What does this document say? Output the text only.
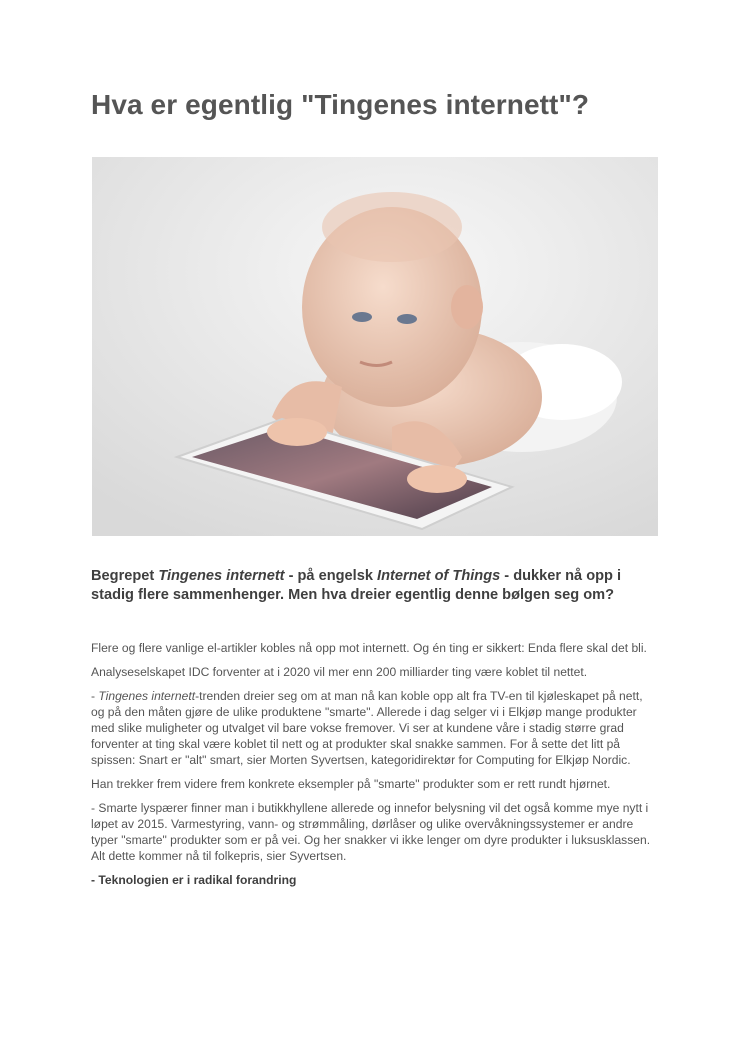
Hva er egentlig "Tingenes internett"?

Begrepet Tingenes internett - på engelsk Internet of Things - dukker nå opp i stadig flere sammenhenger. Men hva dreier egentlig denne bølgen seg om?

Flere og flere vanlige el-artikler kobles nå opp mot internett. Og én ting er sikkert: Enda flere skal det bli.

Analyseselskapet IDC forventer at i 2020 vil mer enn 200 milliarder ting være koblet til nettet.

- Tingenes internett-trenden dreier seg om at man nå kan koble opp alt fra TV-en til kjøleskapet på nett, og på den måten gjøre de ulike produktene "smarte". Allerede i dag selger vi i Elkjøp mange produkter med slike muligheter og utvalget vil bare vokse fremover. Vi ser at kundene våre i stadig større grad forventer at ting skal være koblet til nett og at produkter skal snakke sammen. For å sette det litt på spissen: Snart er "alt" smart, sier Morten Syvertsen, kategoridirektør for Computing for Elkjøp Nordic.

Han trekker frem videre frem konkrete eksempler på "smarte" produkter som er rett rundt hjørnet.

- Smarte lyspærer finner man i butikkhyllene allerede og innefor belysning vil det også komme mye nytt i løpet av 2015. Varmestyring, vann- og strømmåling, dørlåser og ulike overvåkningssystemer er andre typer "smarte" produkter som er på vei. Og her snakker vi ikke lenger om dyre produkter i luksusklassen. Alt dette kommer nå til folkepris, sier Syvertsen.

- Teknologien er i radikal forandring
